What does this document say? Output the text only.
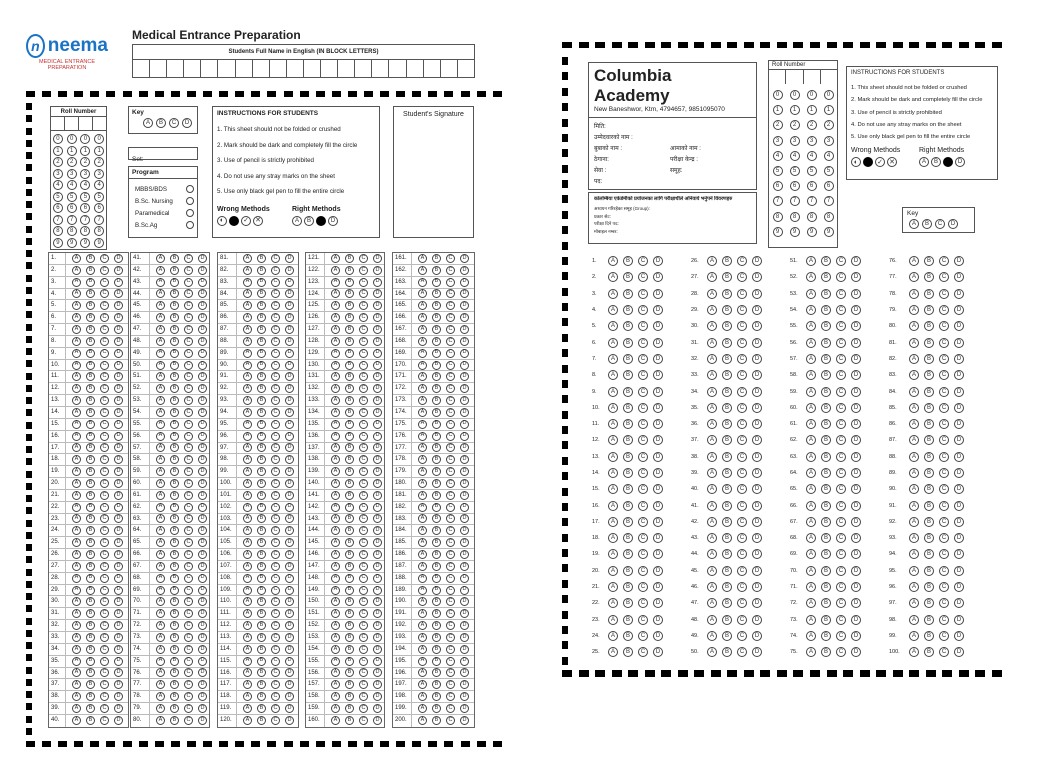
n neema
MEDICAL ENTRANCE
PREPARATION
Medical Entrance Preparation
Students Full Name in English (IN BLOCK LETTERS)
Roll Number
0
1
2
3
4
5
6
7
8
9
0
1
2
3
4
5
6
7
8
9
0
1
2
3
4
5
6
7
8
9
0
1
2
3
4
5
6
7
8
9
Key
A	B	C	D
Set:
Program
MBBS/BDS
B.Sc. Nursing
Paramedical
B.Sc.Ag
INSTRUCTIONS FOR STUDENTS
1. This sheet should not be folded or crushed
2. Mark should be dark and completely fill the circle
3. Use of pencil is strictly prohibited
4. Do not use any stray marks on the sheet
5. Use only black gel pen to fill the entire circle
Wrong Methods
◐	✓ ✕
Right Methods
A	B	D
Student's Signature
1.	A	B	C	D
2.	A	B	C	D
3.	A	B	C	D
4.	A	B	C	D
5.	A	B	C	D
6.	A	B	C	D
7.	A	B	C	D
8.	A	B	C	D
9.	A	B	C	D
10.	A	B	C	D
11.	A	B	C	D
12.	A	B	C	D
13.	A	B	C	D
14.	A	B	C	D
15.	A	B	C	D
16.	A	B	C	D
17.	A	B	C	D
18.	A	B	C	D
19.	A	B	C	D
20.	A	B	C	D
21.	A	B	C	D
22.	A	B	C	D
23.	A	B	C	D
24.	A	B	C	D
25.	A	B	C	D
26.	A	B	C	D
27.	A	B	C	D
28.	A	B	C	D
29.	A	B	C	D
30.	A	B	C	D
31.	A	B	C	D
32.	A	B	C	D
33.	A	B	C	D
34.	A	B	C	D
35.	A	B	C	D
36.	A	B	C	D
37.	A	B	C	D
38.	A	B	C	D
39.	A	B	C	D
40.	A	B	C	D
41.	A	B	C	D
42.	A	B	C	D
43.	A	B	C	D
44.	A	B	C	D
45.	A	B	C	D
46.	A	B	C	D
47.	A	B	C	D
48.	A	B	C	D
49.	A	B	C	D
50.	A	B	C	D
51.	A	B	C	D
52.	A	B	C	D
53.	A	B	C	D
54.	A	B	C	D
55.	A	B	C	D
56.	A	B	C	D
57.	A	B	C	D
58.	A	B	C	D
59.	A	B	C	D
60.	A	B	C	D
61.	A	B	C	D
62.	A	B	C	D
63.	A	B	C	D
64.	A	B	C	D
65.	A	B	C	D
66.	A	B	C	D
67.	A	B	C	D
68.	A	B	C	D
69.	A	B	C	D
70.	A	B	C	D
71.	A	B	C	D
72.	A	B	C	D
73.	A	B	C	D
74.	A	B	C	D
75.	A	B	C	D
76.	A	B	C	D
77.	A	B	C	D
78.	A	B	C	D
79.	A	B	C	D
80.	A	B	C	D
81.	A	B	C	D
82.	A	B	C	D
83.	A	B	C	D
84.	A	B	C	D
85.	A	B	C	D
86.	A	B	C	D
87.	A	B	C	D
88.	A	B	C	D
89.	A	B	C	D
90.	A	B	C	D
91.	A	B	C	D
92.	A	B	C	D
93.	A	B	C	D
94.	A	B	C	D
95.	A	B	C	D
96.	A	B	C	D
97.	A	B	C	D
98.	A	B	C	D
99.	A	B	C	D
100.	A	B	C	D
101.	A	B	C	D
102.	A	B	C	D
103.	A	B	C	D
104.	A	B	C	D
105.	A	B	C	D
106.	A	B	C	D
107.	A	B	C	D
108.	A	B	C	D
109.	A	B	C	D
110.	A	B	C	D
111.	A	B	C	D
112.	A	B	C	D
113.	A	B	C	D
114.	A	B	C	D
115.	A	B	C	D
116.	A	B	C	D
117.	A	B	C	D
118.	A	B	C	D
119.	A	B	C	D
120.	A	B	C	D
121.	A	B	C	D
122.	A	B	C	D
123.	A	B	C	D
124.	A	B	C	D
125.	A	B	C	D
126.	A	B	C	D
127.	A	B	C	D
128.	A	B	C	D
129.	A	B	C	D
130.	A	B	C	D
131.	A	B	C	D
132.	A	B	C	D
133.	A	B	C	D
134.	A	B	C	D
135.	A	B	C	D
136.	A	B	C	D
137.	A	B	C	D
138.	A	B	C	D
139.	A	B	C	D
140.	A	B	C	D
141.	A	B	C	D
142.	A	B	C	D
143.	A	B	C	D
144.	A	B	C	D
145.	A	B	C	D
146.	A	B	C	D
147.	A	B	C	D
148.	A	B	C	D
149.	A	B	C	D
150.	A	B	C	D
151.	A	B	C	D
152.	A	B	C	D
153.	A	B	C	D
154.	A	B	C	D
155.	A	B	C	D
156.	A	B	C	D
157.	A	B	C	D
158.	A	B	C	D
159.	A	B	C	D
160.	A	B	C	D
161.	A	B	C	D
162.	A	B	C	D
163.	A	B	C	D
164.	A	B	C	D
165.	A	B	C	D
166.	A	B	C	D
167.	A	B	C	D
168.	A	B	C	D
169.	A	B	C	D
170.	A	B	C	D
171.	A	B	C	D
172.	A	B	C	D
173.	A	B	C	D
174.	A	B	C	D
175.	A	B	C	D
176.	A	B	C	D
177.	A	B	C	D
178.	A	B	C	D
179.	A	B	C	D
180.	A	B	C	D
181.	A	B	C	D
182.	A	B	C	D
183.	A	B	C	D
184.	A	B	C	D
185.	A	B	C	D
186.	A	B	C	D
187.	A	B	C	D
188.	A	B	C	D
189.	A	B	C	D
190.	A	B	C	D
191.	A	B	C	D
192.	A	B	C	D
193.	A	B	C	D
194.	A	B	C	D
195.	A	B	C	D
196.	A	B	C	D
197.	A	B	C	D
198.	A	B	C	D
199.	A	B	C	D
200.	A	B	C	D
Columbia Academy
New Baneshwor, Ktm, 4794657, 9851095070
मिति:
उम्मेदवारको नाम :
बुबाको नाम :	आमाको नाम :
ठेगाना:	परीक्षा केन्द्र :
सेवा :	समूह:
पद:
कोलम्बिया एकेडेमीको प्रयोजनका लागि परीक्षार्थीले अनिवार्य भर्नुपर्ने विवरणहरु
अध्ययन गरिरहेका समूह (Group):
प्रकार सेट:
परीक्षा दिने पद:
मोबाइल नम्बर:
Roll Number
0
1
2
3
4
5
6
7
8
9
0
1
2
3
4
5
6
7
8
9
0
1
2
3
4
5
6
7
8
9
0
1
2
3
4
5
6
7
8
9
INSTRUCTIONS FOR STUDENTS
1. This sheet should not be folded or crushed
2. Mark should be dark and completely fill the circle
3. Use of pencil is strictly prohibited
4. Do not use any stray marks on the sheet
5. Use only black gel pen to fill the entire circle
Wrong Methods
◐	✓ ✕
Right Methods
A	B	D
Key
A	B	C	D
1.	A	B	C	D
2.	A	B	C	D
3.	A	B	C	D
4.	A	B	C	D
5.	A	B	C	D
6.	A	B	C	D
7.	A	B	C	D
8.	A	B	C	D
9.	A	B	C	D
10.	A	B	C	D
11.	A	B	C	D
12.	A	B	C	D
13.	A	B	C	D
14.	A	B	C	D
15.	A	B	C	D
16.	A	B	C	D
17.	A	B	C	D
18.	A	B	C	D
19.	A	B	C	D
20.	A	B	C	D
21.	A	B	C	D
22.	A	B	C	D
23.	A	B	C	D
24.	A	B	C	D
25.	A	B	C	D
26.	A	B	C	D
27.	A	B	C	D
28.	A	B	C	D
29.	A	B	C	D
30.	A	B	C	D
31.	A	B	C	D
32.	A	B	C	D
33.	A	B	C	D
34.	A	B	C	D
35.	A	B	C	D
36.	A	B	C	D
37.	A	B	C	D
38.	A	B	C	D
39.	A	B	C	D
40.	A	B	C	D
41.	A	B	C	D
42.	A	B	C	D
43.	A	B	C	D
44.	A	B	C	D
45.	A	B	C	D
46.	A	B	C	D
47.	A	B	C	D
48.	A	B	C	D
49.	A	B	C	D
50.	A	B	C	D
51.	A	B	C	D
52.	A	B	C	D
53.	A	B	C	D
54.	A	B	C	D
55.	A	B	C	D
56.	A	B	C	D
57.	A	B	C	D
58.	A	B	C	D
59.	A	B	C	D
60.	A	B	C	D
61.	A	B	C	D
62.	A	B	C	D
63.	A	B	C	D
64.	A	B	C	D
65.	A	B	C	D
66.	A	B	C	D
67.	A	B	C	D
68.	A	B	C	D
69.	A	B	C	D
70.	A	B	C	D
71.	A	B	C	D
72.	A	B	C	D
73.	A	B	C	D
74.	A	B	C	D
75.	A	B	C	D
76.	A	B	C	D
77.	A	B	C	D
78.	A	B	C	D
79.	A	B	C	D
80.	A	B	C	D
81.	A	B	C	D
82.	A	B	C	D
83.	A	B	C	D
84.	A	B	C	D
85.	A	B	C	D
86.	A	B	C	D
87.	A	B	C	D
88.	A	B	C	D
89.	A	B	C	D
90.	A	B	C	D
91.	A	B	C	D
92.	A	B	C	D
93.	A	B	C	D
94.	A	B	C	D
95.	A	B	C	D
96.	A	B	C	D
97.	A	B	C	D
98.	A	B	C	D
99.	A	B	C	D
100.	A	B	C	D
